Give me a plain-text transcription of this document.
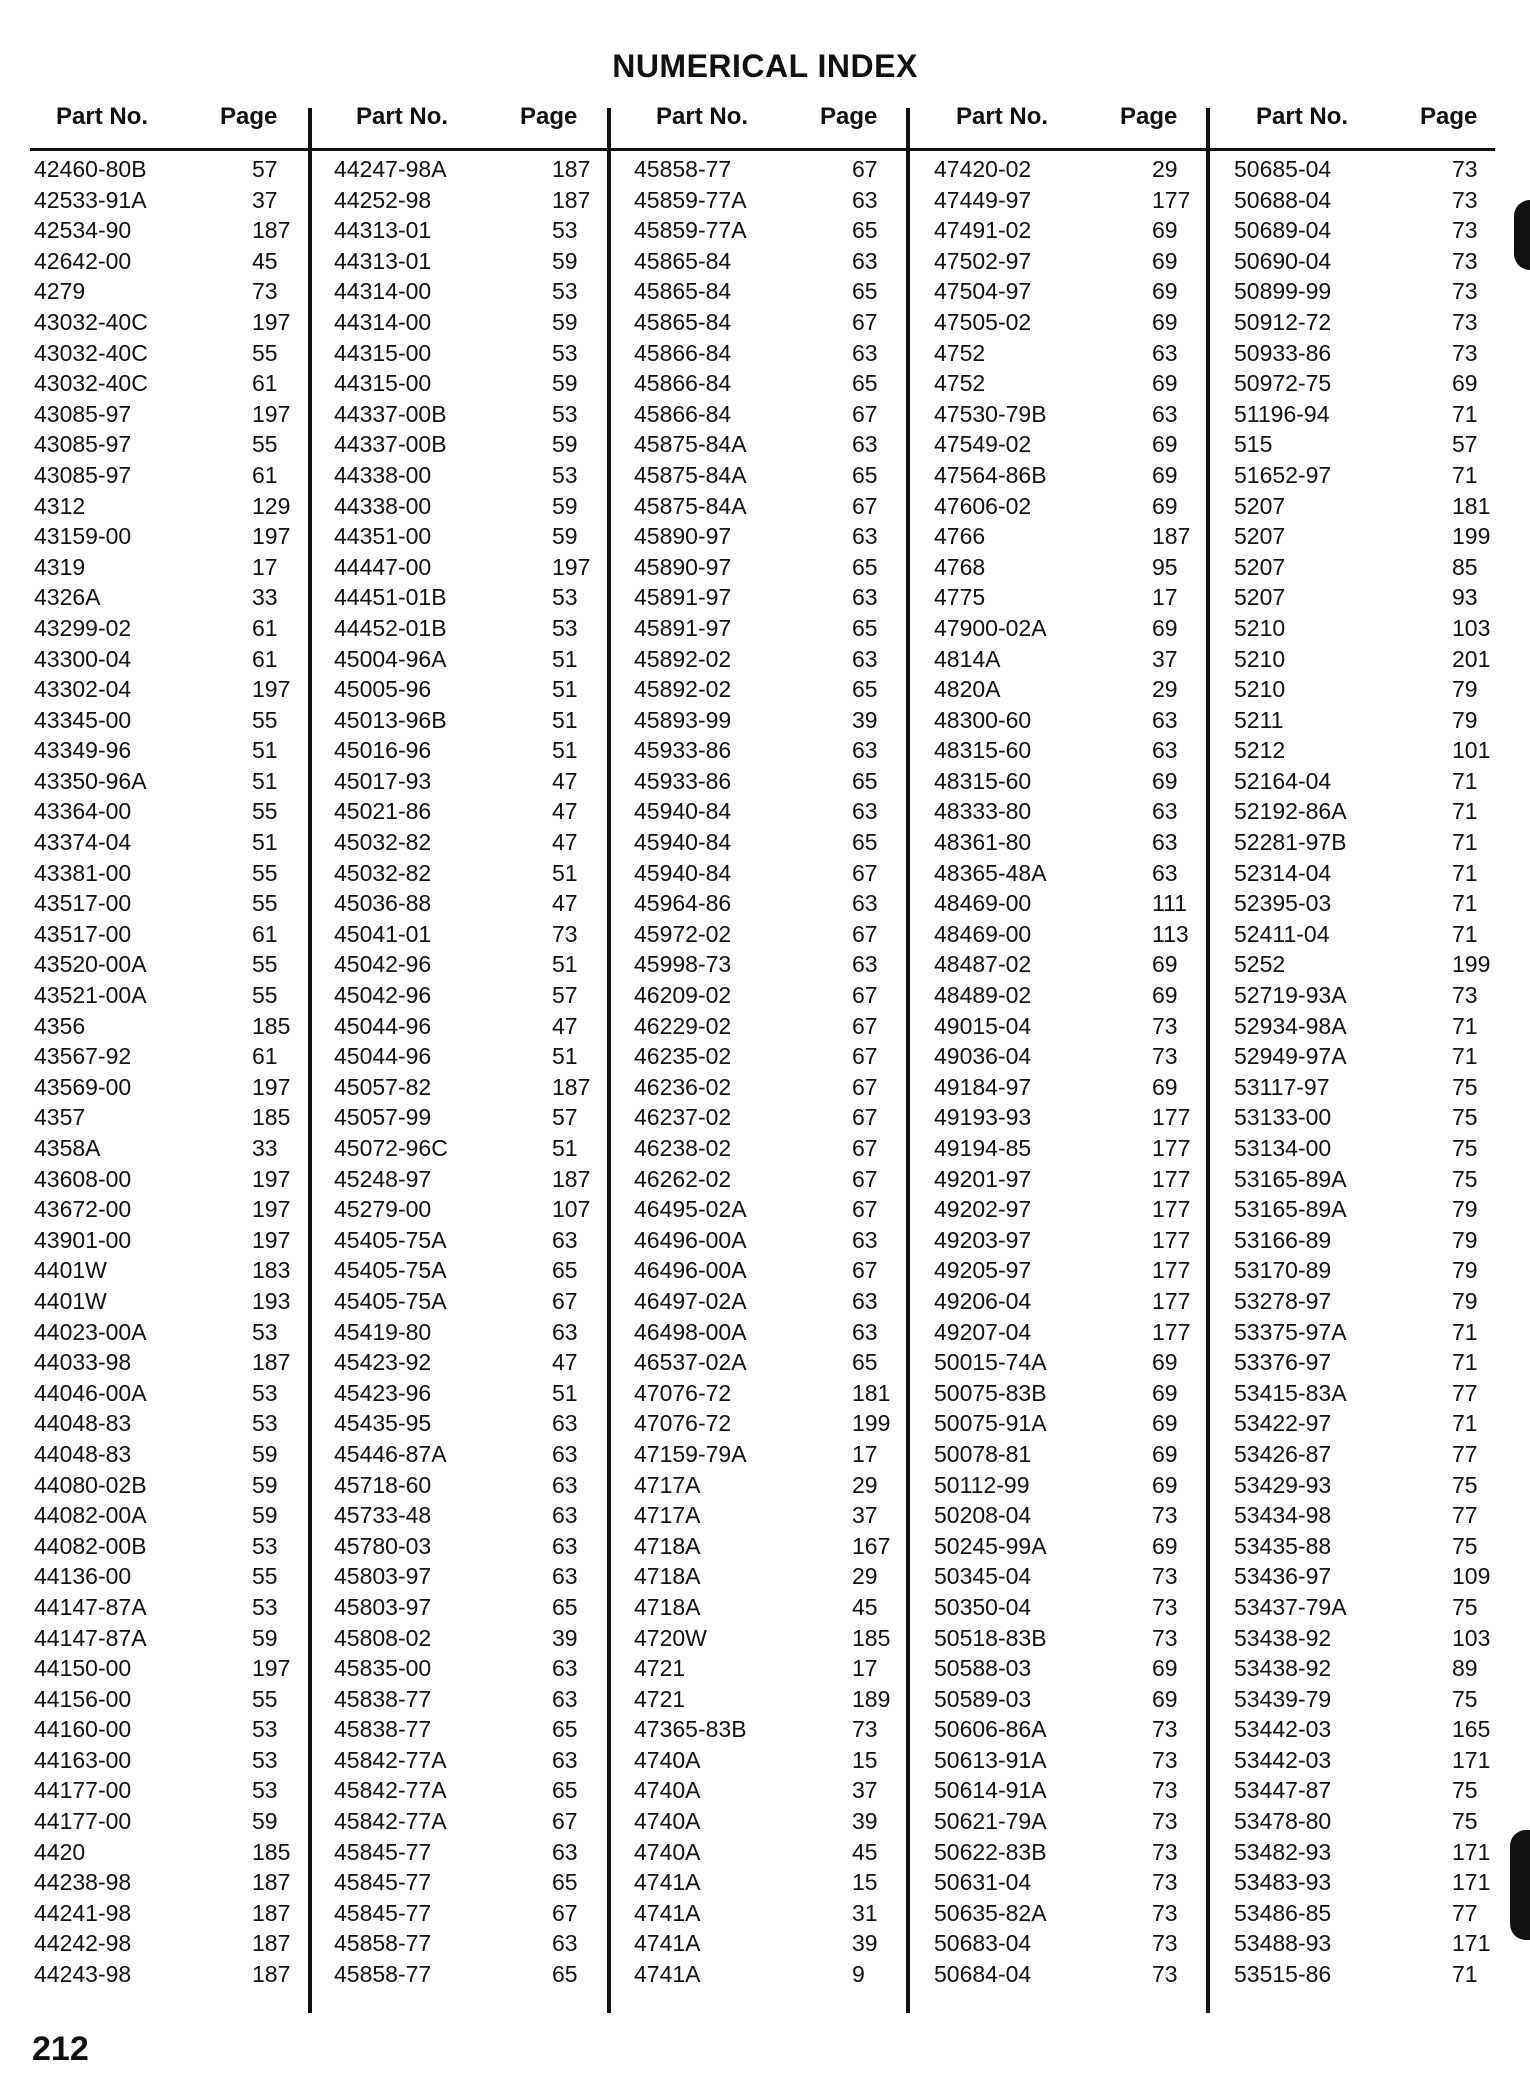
NUMERICAL INDEX
Part No.	Page
42460-80B	57
42533-91A	37
42534-90	187
42642-00	45
4279	73
43032-40C	197
43032-40C	55
43032-40C	61
43085-97	197
43085-97	55
43085-97	61
4312	129
43159-00	197
4319	17
4326A	33
43299-02	61
43300-04	61
43302-04	197
43345-00	55
43349-96	51
43350-96A	51
43364-00	55
43374-04	51
43381-00	55
43517-00	55
43517-00	61
43520-00A	55
43521-00A	55
4356	185
43567-92	61
43569-00	197
4357	185
4358A	33
43608-00	197
43672-00	197
43901-00	197
4401W	183
4401W	193
44023-00A	53
44033-98	187
44046-00A	53
44048-83	53
44048-83	59
44080-02B	59
44082-00A	59
44082-00B	53
44136-00	55
44147-87A	53
44147-87A	59
44150-00	197
44156-00	55
44160-00	53
44163-00	53
44177-00	53
44177-00	59
4420	185
44238-98	187
44241-98	187
44242-98	187
44243-98	187
Part No.	Page
44247-98A	187
44252-98	187
44313-01	53
44313-01	59
44314-00	53
44314-00	59
44315-00	53
44315-00	59
44337-00B	53
44337-00B	59
44338-00	53
44338-00	59
44351-00	59
44447-00	197
44451-01B	53
44452-01B	53
45004-96A	51
45005-96	51
45013-96B	51
45016-96	51
45017-93	47
45021-86	47
45032-82	47
45032-82	51
45036-88	47
45041-01	73
45042-96	51
45042-96	57
45044-96	47
45044-96	51
45057-82	187
45057-99	57
45072-96C	51
45248-97	187
45279-00	107
45405-75A	63
45405-75A	65
45405-75A	67
45419-80	63
45423-92	47
45423-96	51
45435-95	63
45446-87A	63
45718-60	63
45733-48	63
45780-03	63
45803-97	63
45803-97	65
45808-02	39
45835-00	63
45838-77	63
45838-77	65
45842-77A	63
45842-77A	65
45842-77A	67
45845-77	63
45845-77	65
45845-77	67
45858-77	63
45858-77	65
Part No.	Page
45858-77	67
45859-77A	63
45859-77A	65
45865-84	63
45865-84	65
45865-84	67
45866-84	63
45866-84	65
45866-84	67
45875-84A	63
45875-84A	65
45875-84A	67
45890-97	63
45890-97	65
45891-97	63
45891-97	65
45892-02	63
45892-02	65
45893-99	39
45933-86	63
45933-86	65
45940-84	63
45940-84	65
45940-84	67
45964-86	63
45972-02	67
45998-73	63
46209-02	67
46229-02	67
46235-02	67
46236-02	67
46237-02	67
46238-02	67
46262-02	67
46495-02A	67
46496-00A	63
46496-00A	67
46497-02A	63
46498-00A	63
46537-02A	65
47076-72	181
47076-72	199
47159-79A	17
4717A	29
4717A	37
4718A	167
4718A	29
4718A	45
4720W	185
4721	17
4721	189
47365-83B	73
4740A	15
4740A	37
4740A	39
4740A	45
4741A	15
4741A	31
4741A	39
4741A	9
Part No.	Page
47420-02	29
47449-97	177
47491-02	69
47502-97	69
47504-97	69
47505-02	69
4752	63
4752	69
47530-79B	63
47549-02	69
47564-86B	69
47606-02	69
4766	187
4768	95
4775	17
47900-02A	69
4814A	37
4820A	29
48300-60	63
48315-60	63
48315-60	69
48333-80	63
48361-80	63
48365-48A	63
48469-00	111
48469-00	113
48487-02	69
48489-02	69
49015-04	73
49036-04	73
49184-97	69
49193-93	177
49194-85	177
49201-97	177
49202-97	177
49203-97	177
49205-97	177
49206-04	177
49207-04	177
50015-74A	69
50075-83B	69
50075-91A	69
50078-81	69
50112-99	69
50208-04	73
50245-99A	69
50345-04	73
50350-04	73
50518-83B	73
50588-03	69
50589-03	69
50606-86A	73
50613-91A	73
50614-91A	73
50621-79A	73
50622-83B	73
50631-04	73
50635-82A	73
50683-04	73
50684-04	73
Part No.	Page
50685-04	73
50688-04	73
50689-04	73
50690-04	73
50899-99	73
50912-72	73
50933-86	73
50972-75	69
51196-94	71
515	57
51652-97	71
5207	181
5207	199
5207	85
5207	93
5210	103
5210	201
5210	79
5211	79
5212	101
52164-04	71
52192-86A	71
52281-97B	71
52314-04	71
52395-03	71
52411-04	71
5252	199
52719-93A	73
52934-98A	71
52949-97A	71
53117-97	75
53133-00	75
53134-00	75
53165-89A	75
53165-89A	79
53166-89	79
53170-89	79
53278-97	79
53375-97A	71
53376-97	71
53415-83A	77
53422-97	71
53426-87	77
53429-93	75
53434-98	77
53435-88	75
53436-97	109
53437-79A	75
53438-92	103
53438-92	89
53439-79	75
53442-03	165
53442-03	171
53447-87	75
53478-80	75
53482-93	171
53483-93	171
53486-85	77
53488-93	171
53515-86	71
212
